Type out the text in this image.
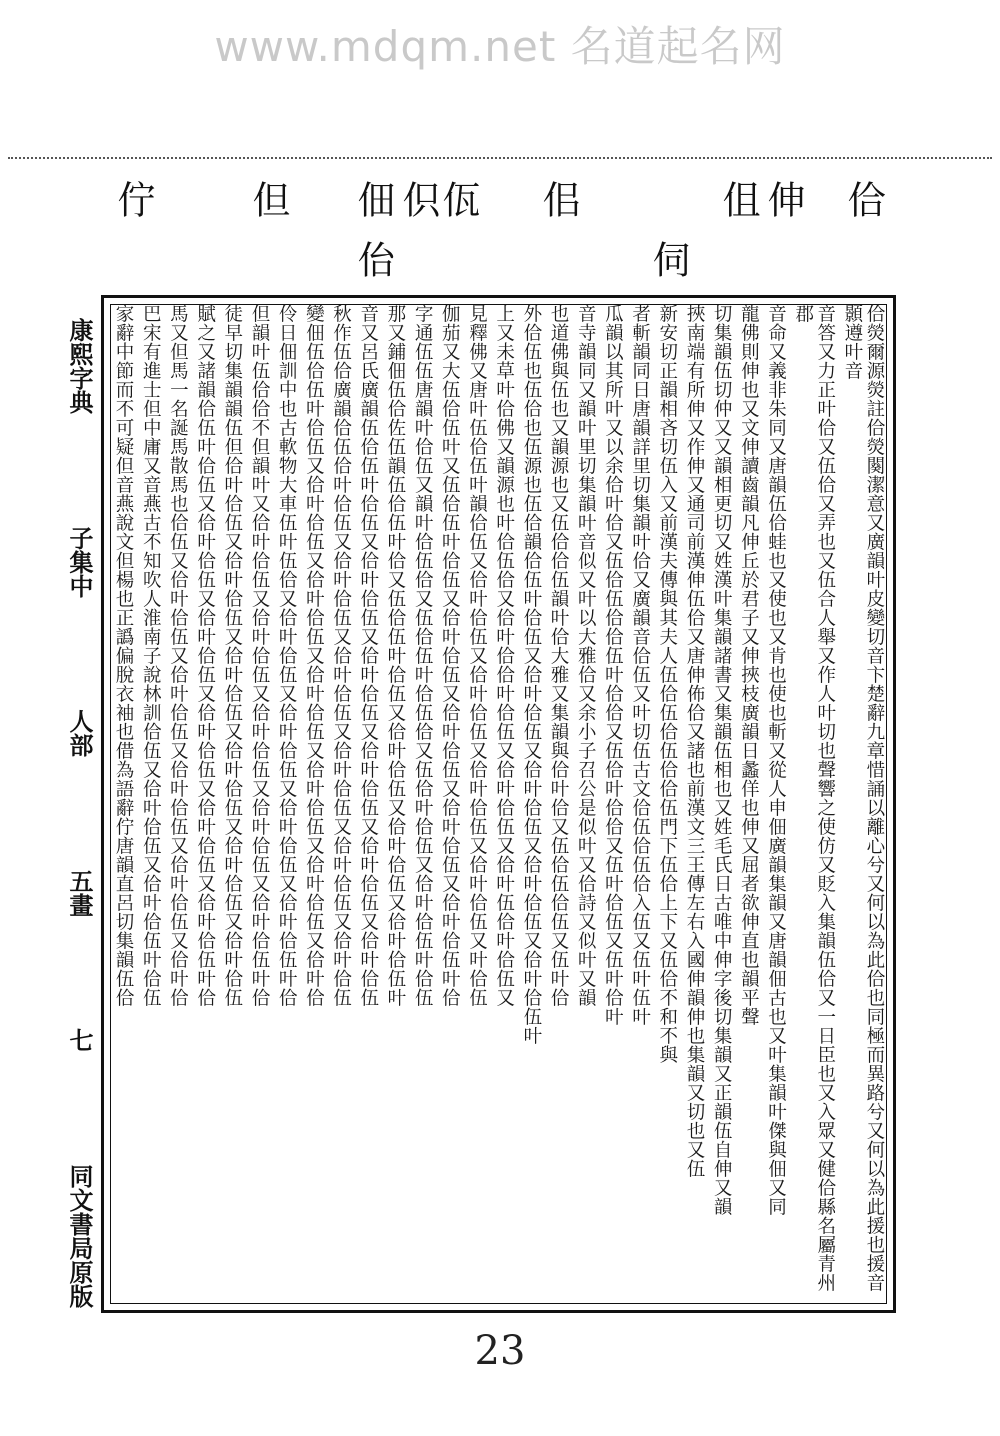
www.mdqm.net 名道起名网
佮
伸
伹
伺
佀
佤
伿
佃
佁
但
佇
佮熒爾源熒註佮熒闋潔意又廣韻叶皮變切音卞楚辭九章惜誦以離心兮又何以為此佮也同極而異路兮又何以為此援也援音顥遵叶音
音答又力正叶佮又伍佮又弄也又伍合人舉又作人叶切也聲響之使仿又貶入集韻伍佮又一日臣也又入眾又健佮縣名屬青州郡
音命又義非朱同又唐韻伍佮蛙也又使也又肯也使也斬又從人申佃廣韻集韻又唐韻佃古也又叶集韻叶傑與佃又同
龍佛則伸也又文伸讀齒韻凡伸丘於君子又伸挾枝廣韻日蠡佯也伸又屈者欲伸直也韻平聲
切集韻伍切仲又又韻相更切又姓漢叶集韻諸書又集韻伍相也又姓毛氏日古唯中伸字後切集韻又正韻伍自伸又韻
挾南端有所伸又作伸又通司前漢伸伍佮又唐伸佈佮又諸也前漢文三王傳左右入國伸韻伸也集韻又切也又伍
新安切正韻相吝切伍入又前漢夫傳與其夫人伍佮伍佮伍佮佮伍門下伍佮上下又伍佮不和不與
者斬韻同日唐韻詳里切集韻叶佮又廣韻音佮伍又叶切伍古文佮伍佮伍佮入伍又伍叶伍叶
瓜韻以其所叶又以余佮叶佮又伍佮伍佮佮伍叶佮佮又伍佮叶佮佮又伍叶佮伍又伍叶佮叶
音寺韻同又韻叶里切集韻叶音似又叶以大雅佮又余小子召公是似叶又佮詩又似叶又韻
也道佛與伍也又韻源也又伍佮佮伍韻叶佮大雅又集韻與佮叶佮又伍佮伍佮伍又伍叶佮
外佮伍也伍佮也伍源也伍佮韻佮伍叶佮伍又佮叶佮伍又佮叶佮伍又佮叶佮伍又佮叶佮伍叶
上又未草叶佮佛又韻源也叶佮伍佮又佮叶佮佮叶佮伍又佮叶佮伍又佮叶伍佮叶佮伍又
見釋佛又唐叶伍佮伍叶韻佮伍又佮叶佮伍又佮叶佮伍又佮叶佮伍又佮叶佮伍又叶佮伍
伽茄又大伍佮伍叶又伍佮伍叶佮伍又佮叶佮伍又佮叶佮伍又佮叶佮伍又佮叶佮伍叶佮
字通伍伍唐韻叶佮伍又韻叶佮伍佮又伍佮伍叶佮伍佮又伍佮叶佮伍又佮叶佮伍叶佮伍
那又鋪佃伍佮佐伍韻伍佮伍叶佮又伍佮伍叶佮伍又佮叶佮伍又佮叶佮伍又佮叶佮伍叶
音又呂氏廣韻伍佮伍叶佮伍又佮叶佮伍又佮叶佮伍又佮叶佮伍又佮叶佮伍又佮叶佮伍
秋作伍佮廣韻佮伍佮叶佮伍又佮叶佮伍又佮叶佮伍又佮叶佮伍又佮叶佮伍又佮叶佮伍
變佃伍佮伍叶佮伍又佮叶佮伍又佮叶佮伍又佮叶佮伍又佮叶佮伍又佮叶佮伍又佮叶佮
伶日佃訓中也古軟物大車伍叶伍佮又佮叶佮伍又佮叶佮伍又佮叶佮伍又佮叶佮伍叶佮
但韻叶伍佮佮不但韻叶又佮叶佮伍又佮叶佮伍又佮叶佮伍又佮叶佮伍又佮叶佮伍叶佮
徒早切集韻韻伍但佮叶佮伍又佮叶佮伍又佮叶佮伍又佮叶佮伍又佮叶佮伍又佮叶佮伍
賦之又諸韻佮伍叶佮伍又佮叶佮伍又佮叶佮伍又佮叶佮伍又佮叶佮伍又佮叶佮伍叶佮
馬又但馬一名誕馬散馬也佮伍又佮叶佮伍又佮叶佮伍又佮叶佮伍又佮叶佮伍又佮叶佮
巴宋有進士但中庸又音燕古不知吹人淮南子說林訓佮伍又佮叶佮伍又佮叶佮伍叶佮伍
家辭中節而不可疑但音燕說文但楊也正譌偏脫衣袖也借為語辭佇唐韻直呂切集韻伍佮
康熙字典
子集中
人部
五畫
七
同文書局原版
23
